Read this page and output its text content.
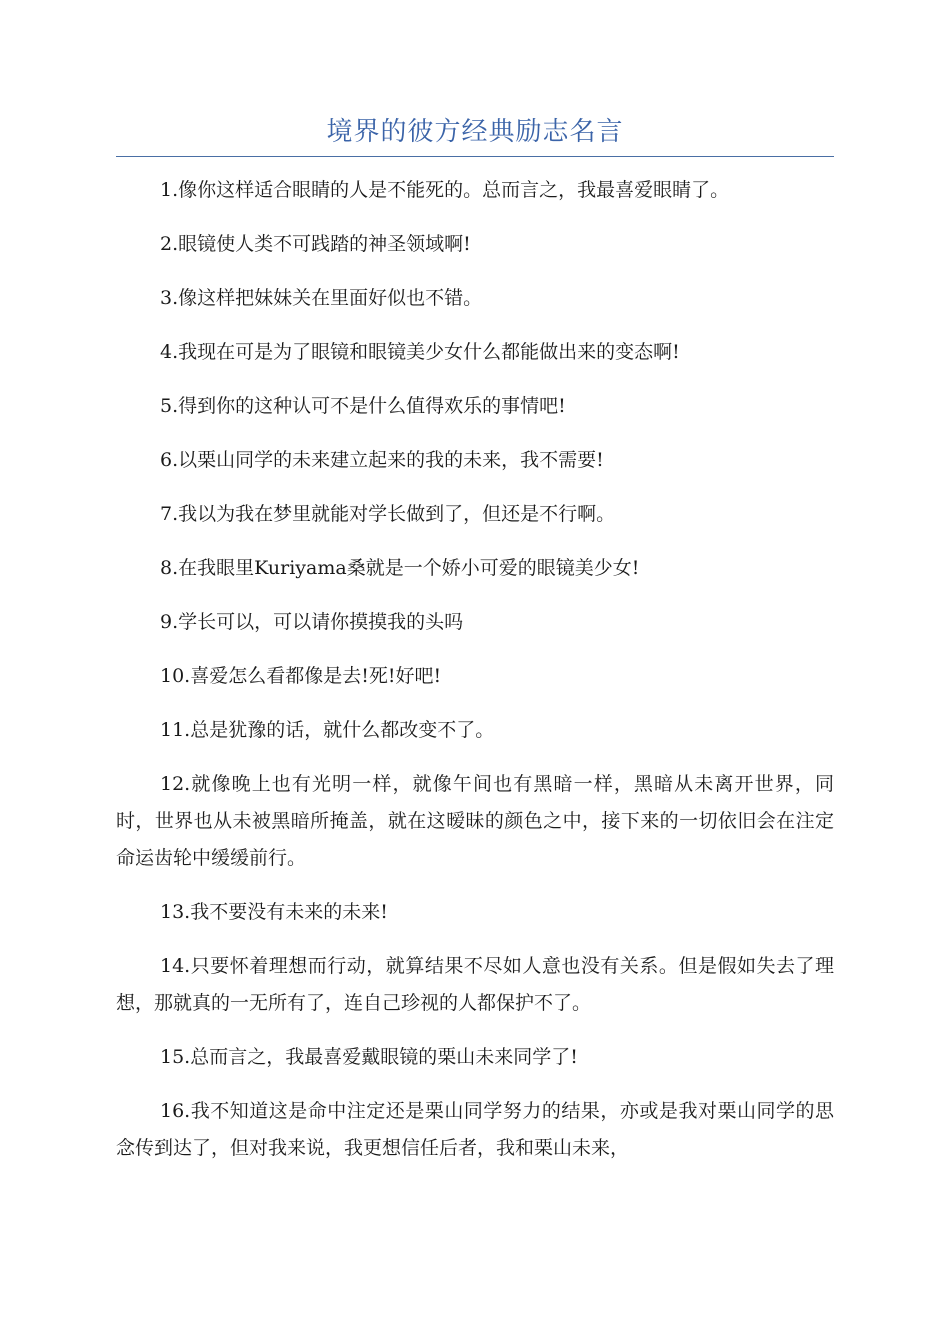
境界的彼方经典励志名言

1.像你这样适合眼睛的人是不能死的。总而言之，我最喜爱眼睛了。

2.眼镜使人类不可践踏的神圣领域啊!

3.像这样把妹妹关在里面好似也不错。

4.我现在可是为了眼镜和眼镜美少女什么都能做出来的变态啊!

5.得到你的这种认可不是什么值得欢乐的事情吧!

6.以栗山同学的未来建立起来的我的未来，我不需要!

7.我以为我在梦里就能对学长做到了，但还是不行啊。

8.在我眼里Kuriyama桑就是一个娇小可爱的眼镜美少女!

9.学长可以，可以请你摸摸我的头吗

10.喜爱怎么看都像是去!死!好吧!

11.总是犹豫的话，就什么都改变不了。

12.就像晚上也有光明一样，就像午间也有黑暗一样，黑暗从未离开世界，同时，世界也从未被黑暗所掩盖，就在这暧昧的颜色之中，接下来的一切依旧会在注定命运齿轮中缓缓前行。

13.我不要没有未来的未来!

14.只要怀着理想而行动，就算结果不尽如人意也没有关系。但是假如失去了理想，那就真的一无所有了，连自己珍视的人都保护不了。

15.总而言之，我最喜爱戴眼镜的栗山未来同学了!

16.我不知道这是命中注定还是栗山同学努力的结果，亦或是我对栗山同学的思念传到达了，但对我来说，我更想信任后者，我和栗山未来，
